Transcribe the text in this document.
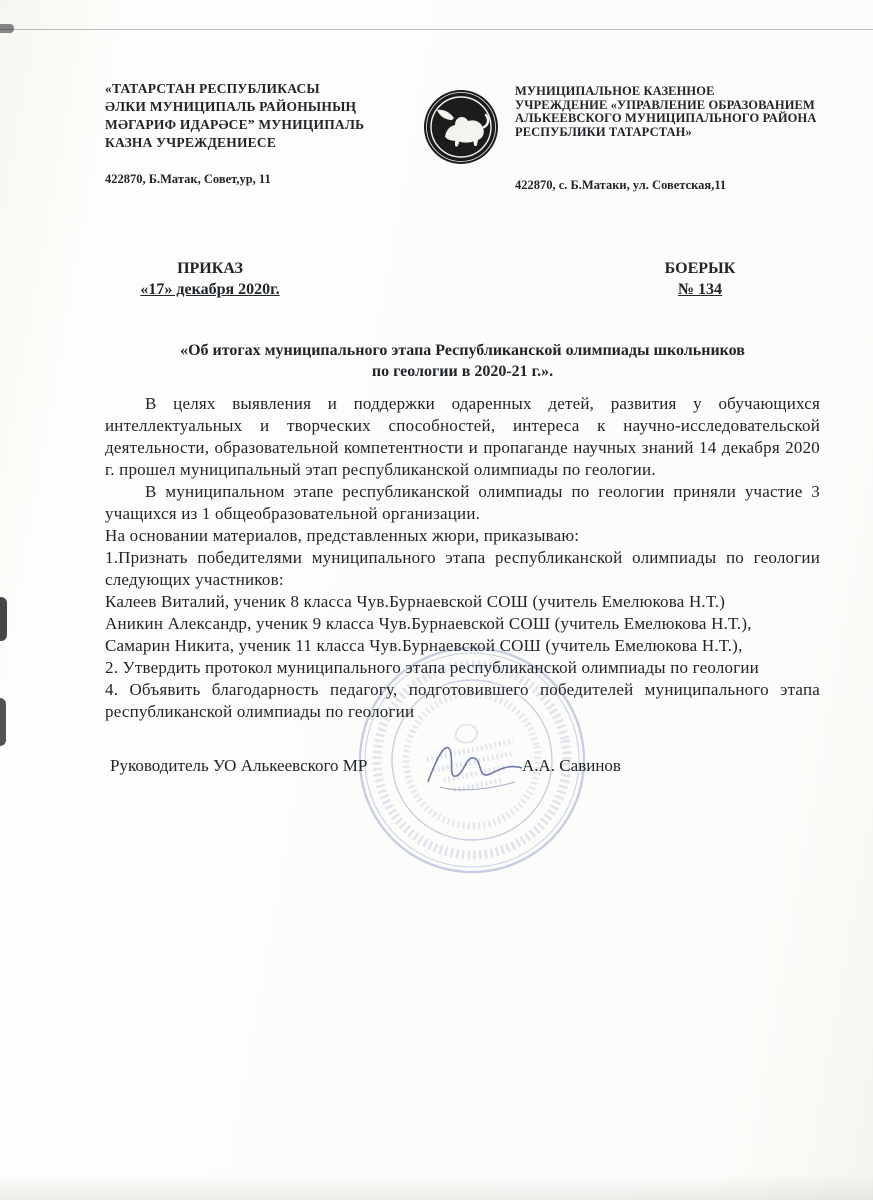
«ТАТАРСТАН РЕСПУБЛИКАСЫ
ӘЛКИ МУНИЦИПАЛЬ РАЙОНЫНЫҢ
МӘГАРИФ ИДАРӘСЕ” МУНИЦИПАЛЬ
КАЗНА УЧРЕЖДЕНИЕСЕ
422870, Б.Матак, Совет,ур, 11
МУНИЦИПАЛЬНОЕ КАЗЕННОЕ
УЧРЕЖДЕНИЕ «УПРАВЛЕНИЕ ОБРАЗОВАНИЕМ
АЛЬКЕЕВСКОГО МУНИЦИПАЛЬНОГО РАЙОНА
РЕСПУБЛИКИ ТАТАРСТАН»
422870, с. Б.Матаки, ул. Советская,11
ПРИКАЗ
«17» декабря 2020г.
БОЕРЫК
№ 134
«Об итогах муниципального этапа Республиканской олимпиады школьников
по геологии в 2020-21 г.».

В целях выявления и поддержки одаренных детей, развития у обучающихся интеллектуальных и творческих способностей, интереса к научно-исследовательской деятельности, образовательной компетентности и пропаганде научных знаний 14 декабря 2020 г. прошел муниципальный этап республиканской олимпиады по геологии.

В муниципальном этапе республиканской олимпиады по геологии приняли участие 3 учащихся из 1 общеобразовательной организации.

На основании материалов, представленных жюри, приказываю:

1.Признать победителями муниципального этапа республиканской олимпиады по геологии следующих участников:

Калеев Виталий, ученик 8 класса Чув.Бурнаевской СОШ (учитель Емелюкова Н.Т.)

Аникин Александр, ученик 9 класса Чув.Бурнаевской СОШ (учитель Емелюкова Н.Т.),

Самарин Никита, ученик 11 класса Чув.Бурнаевской СОШ (учитель Емелюкова Н.Т.),

2. Утвердить протокол муниципального этапа республиканской олимпиады по геологии

4. Объявить благодарность педагогу, подготовившего победителей муниципального этапа республиканской олимпиады по геологии

Руководитель УО Алькеевского МР	А.А. Савинов
